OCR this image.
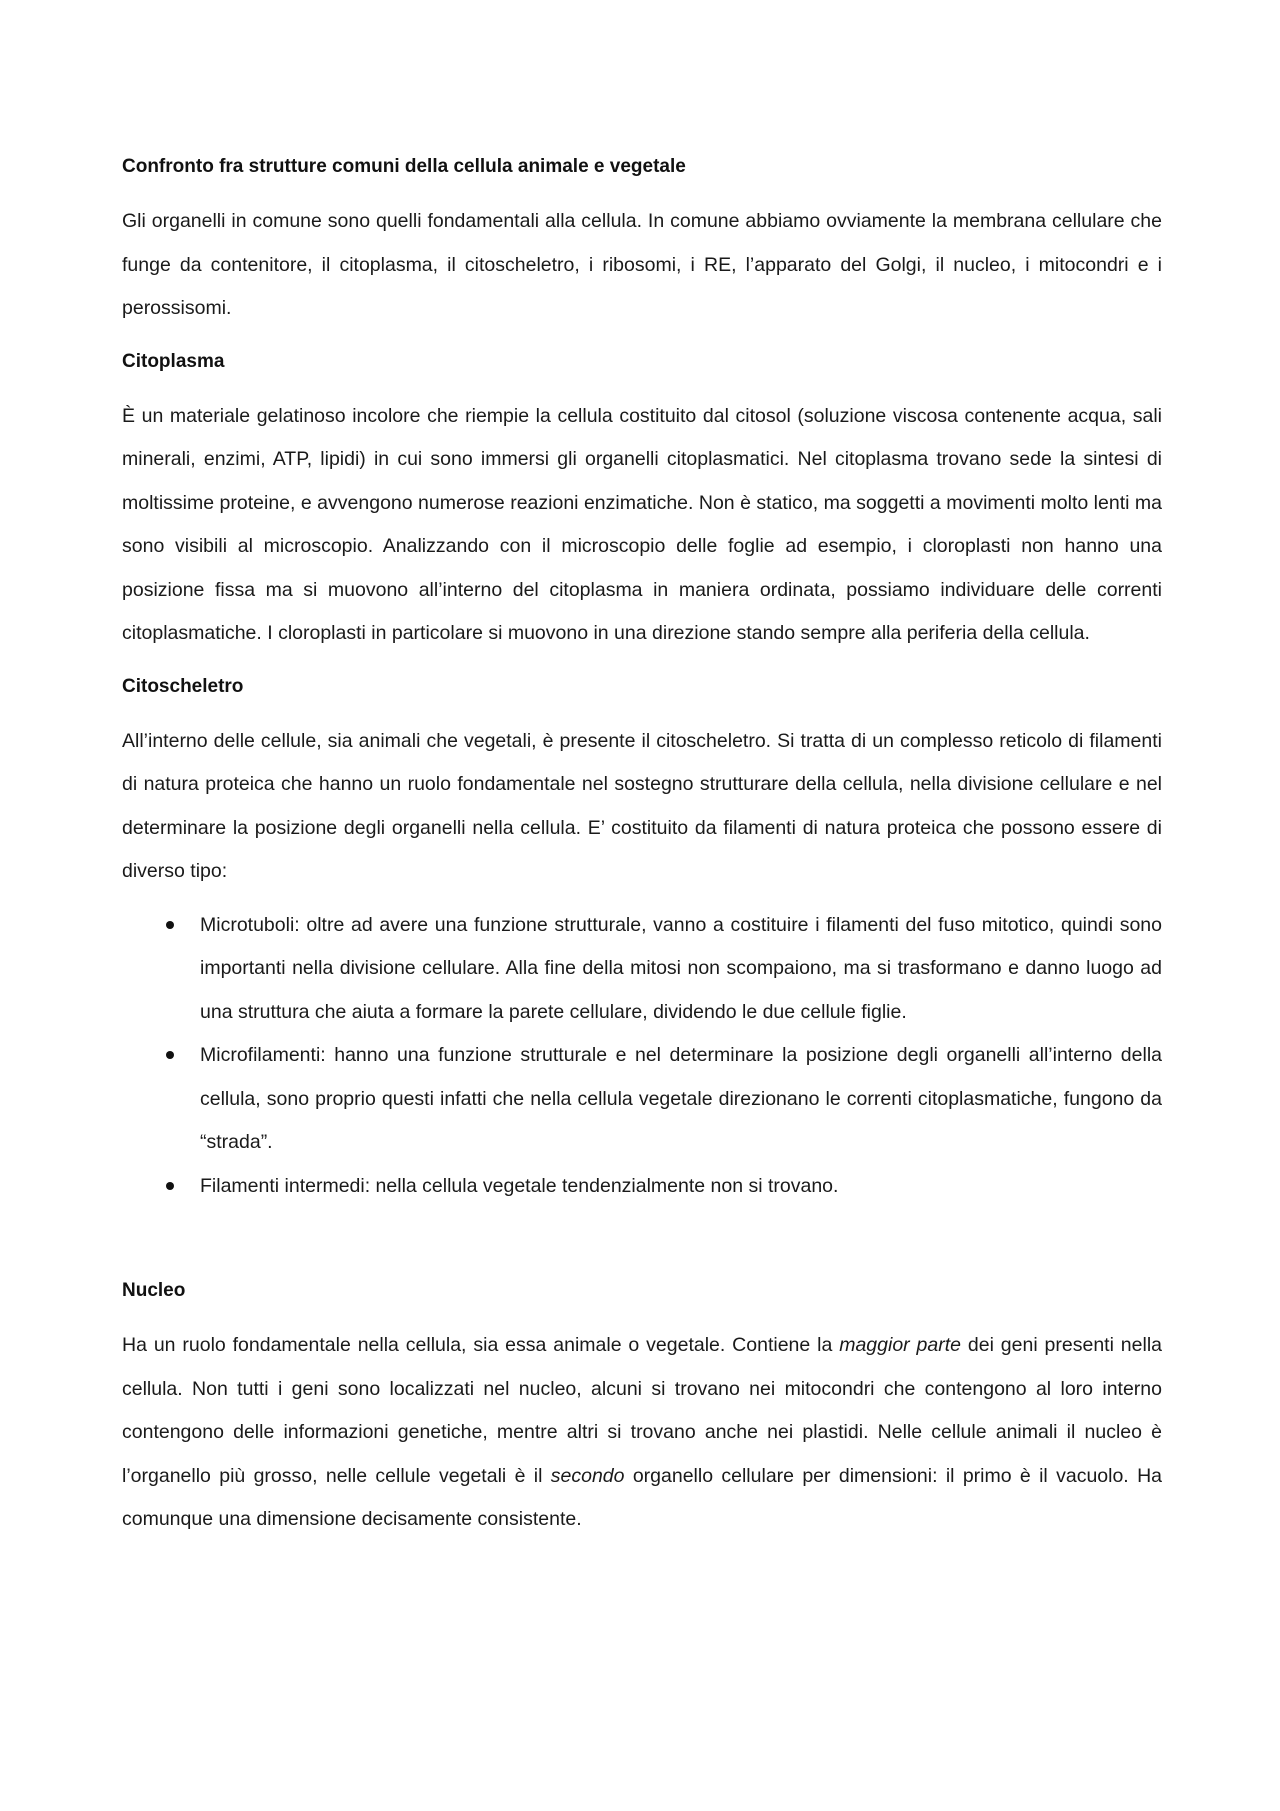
Confronto fra strutture comuni della cellula animale e vegetale

Gli organelli in comune sono quelli fondamentali alla cellula. In comune abbiamo ovviamente la membrana cellulare che funge da contenitore, il citoplasma, il citoscheletro, i ribosomi, i RE, l’apparato del Golgi, il nucleo, i mitocondri e i perossisomi.

Citoplasma

È un materiale gelatinoso incolore che riempie la cellula costituito dal citosol (soluzione viscosa contenente acqua, sali minerali, enzimi, ATP, lipidi) in cui sono immersi gli organelli citoplasmatici. Nel citoplasma trovano sede la sintesi di moltissime proteine, e avvengono numerose reazioni enzimatiche. Non è statico, ma soggetti a movimenti molto lenti ma sono visibili al microscopio. Analizzando con il microscopio delle foglie ad esempio, i cloroplasti non hanno una posizione fissa ma si muovono all’interno del citoplasma in maniera ordinata, possiamo individuare delle correnti citoplasmatiche. I cloroplasti in particolare si muovono in una direzione stando sempre alla periferia della cellula.

Citoscheletro

All’interno delle cellule, sia animali che vegetali, è presente il citoscheletro. Si tratta di un complesso reticolo di filamenti di natura proteica che hanno un ruolo fondamentale nel sostegno strutturare della cellula, nella divisione cellulare e nel determinare la posizione degli organelli nella cellula. E’ costituito da filamenti di natura proteica che possono essere di diverso tipo:

Microtuboli: oltre ad avere una funzione strutturale, vanno a costituire i filamenti del fuso mitotico, quindi sono importanti nella divisione cellulare. Alla fine della mitosi non scompaiono, ma si trasformano e danno luogo ad una struttura che aiuta a formare la parete cellulare, dividendo le due cellule figlie.
Microfilamenti: hanno una funzione strutturale e nel determinare la posizione degli organelli all’interno della cellula, sono proprio questi infatti che nella cellula vegetale direzionano le correnti citoplasmatiche, fungono da “strada”.
Filamenti intermedi: nella cellula vegetale tendenzialmente non si trovano.
Nucleo

Ha un ruolo fondamentale nella cellula, sia essa animale o vegetale. Contiene la maggior parte dei geni presenti nella cellula. Non tutti i geni sono localizzati nel nucleo, alcuni si trovano nei mitocondri che contengono al loro interno contengono delle informazioni genetiche, mentre altri si trovano anche nei plastidi. Nelle cellule animali il nucleo è l’organello più grosso, nelle cellule vegetali è il secondo organello cellulare per dimensioni: il primo è il vacuolo. Ha comunque una dimensione decisamente consistente.
